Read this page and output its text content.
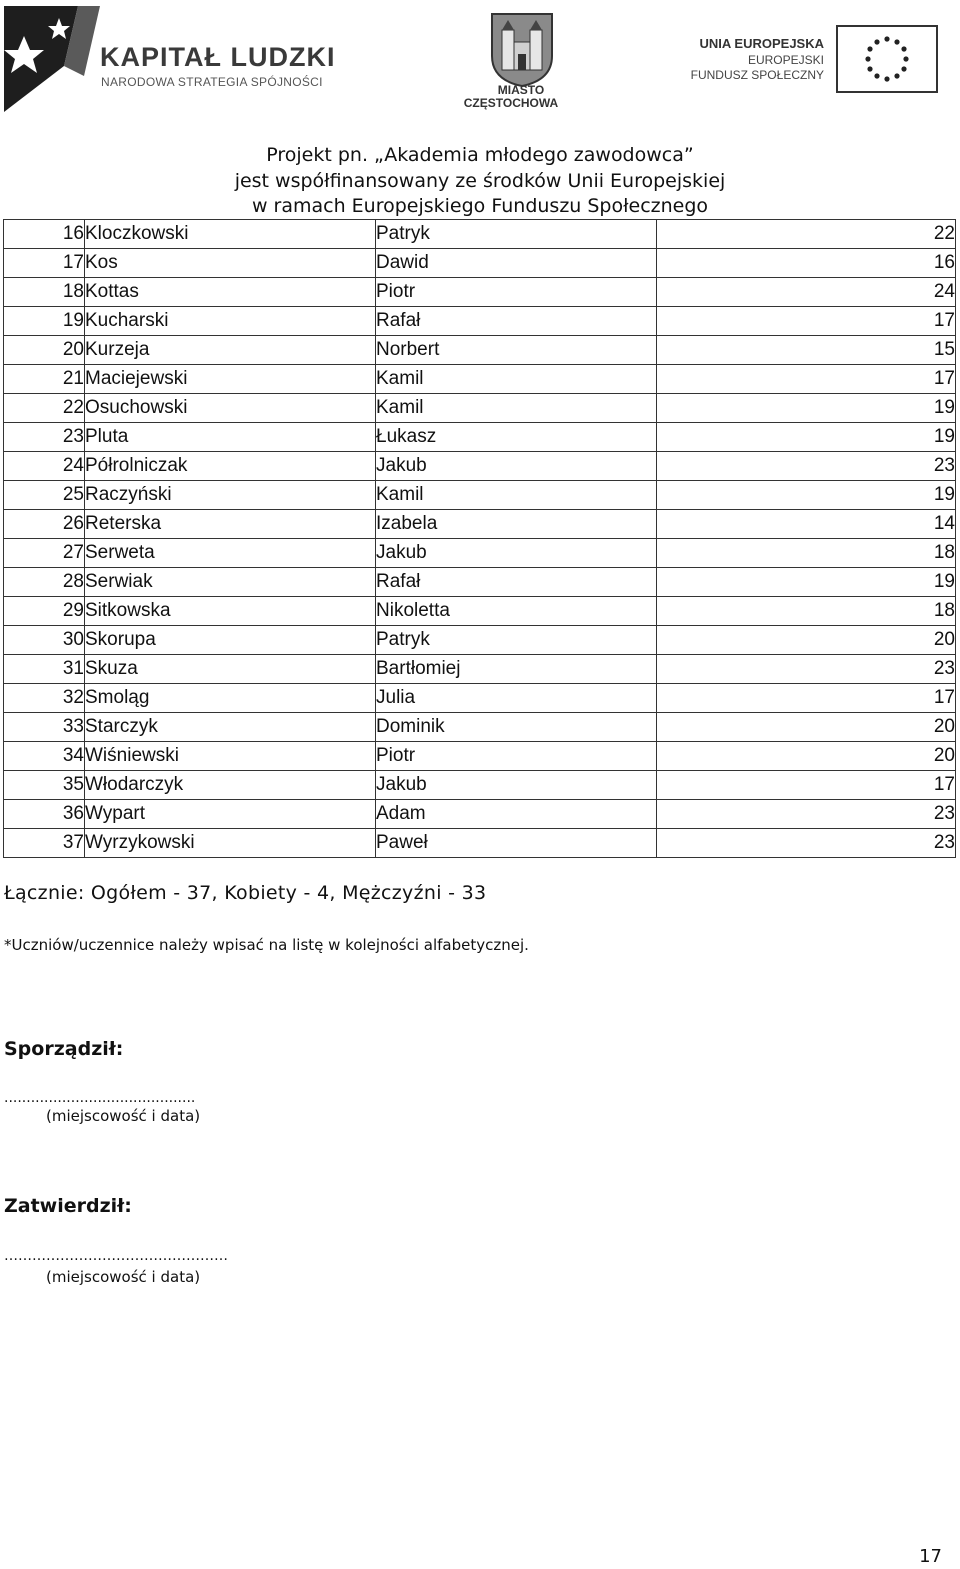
KAPITAŁ LUDZKI
NARODOWA STRATEGIA SPÓJNOŚCI
MIASTO
CZĘSTOCHOWA
UNIA EUROPEJSKA
EUROPEJSKI
FUNDUSZ SPOŁECZNY
Projekt pn. „Akademia młodego zawodowca”
jest współfinansowany ze środków Unii Europejskiej
w ramach Europejskiego Funduszu Społecznego
16	Kloczkowski	Patryk	22
17	Kos	Dawid	16
18	Kottas	Piotr	24
19	Kucharski	Rafał	17
20	Kurzeja	Norbert	15
21	Maciejewski	Kamil	17
22	Osuchowski	Kamil	19
23	Pluta	Łukasz	19
24	Półrolniczak	Jakub	23
25	Raczyński	Kamil	19
26	Reterska	Izabela	14
27	Serweta	Jakub	18
28	Serwiak	Rafał	19
29	Sitkowska	Nikoletta	18
30	Skorupa	Patryk	20
31	Skuza	Bartłomiej	23
32	Smoląg	Julia	17
33	Starczyk	Dominik	20
34	Wiśniewski	Piotr	20
35	Włodarczyk	Jakub	17
36	Wypart	Adam	23
37	Wyrzykowski	Paweł	23
Łącznie: Ogółem - 37, Kobiety - 4, Mężczyźni - 33
*Uczniów/uczennice należy wpisać na listę w kolejności alfabetycznej.
Sporządził:
...........................................
(miejscowość i data)
Zatwierdził:
…………………………………………
(miejscowość i data)
17
